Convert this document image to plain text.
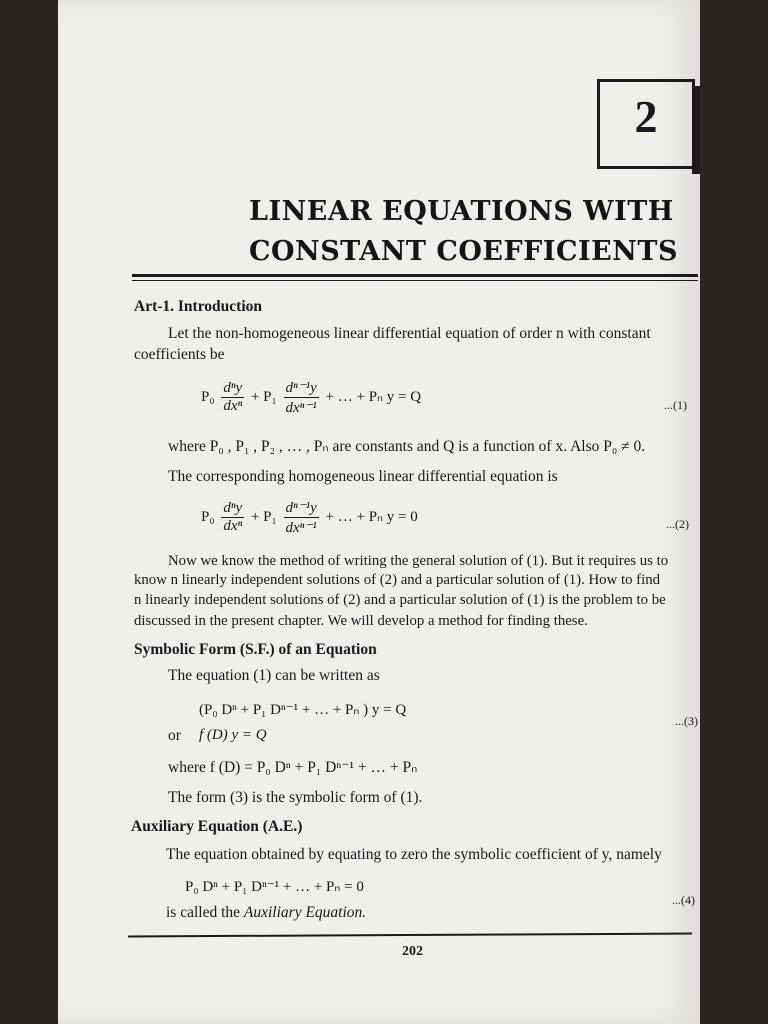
2
LINEAR EQUATIONS WITH
CONSTANT COEFFICIENTS
Art-1. Introduction
Let the non-homogeneous linear differential equation of order n with constant
coefficients be
$P_0 \frac{\text{dⁿy}}{\text{dxⁿ}} + P_1 \frac{\text{dⁿ⁻¹y}}{\text{dxⁿ⁻¹}}$ + … + Pₙ y = Q
...(1)
where P₀ , P₁ , P₂ , … , Pₙ are constants and Q is a function of x. Also P₀ ≠ 0.
The corresponding homogeneous linear differential equation is
$P_0 \frac{\text{dⁿy}}{\text{dxⁿ}} + P_1 \frac{\text{dⁿ⁻¹y}}{\text{dxⁿ⁻¹}}$ + … + Pₙ y = 0	...(2)
Now we know the method of writing the general solution of (1). But it requires us to
know n linearly independent solutions of (2) and a particular solution of (1). How to find
n linearly independent solutions of (2) and a particular solution of (1) is the problem to be
discussed in the present chapter. We will develop a method for finding these.
Symbolic Form (S.F.) of an Equation
The equation (1) can be written as
(P₀ Dⁿ + P₁ Dⁿ⁻¹ + … + Pₙ ) y = Q
...(3)
or f (D) y = Q
where f (D) = P₀ Dⁿ + P₁ Dⁿ⁻¹ + … + Pₙ
The form (3) is the symbolic form of (1).
Auxiliary Equation (A.E.)
The equation obtained by equating to zero the symbolic coefficient of y, namely
P₀ Dⁿ + P₁ Dⁿ⁻¹ + … + Pₙ = 0
...(4)
is called the Auxiliary Equation.
202
